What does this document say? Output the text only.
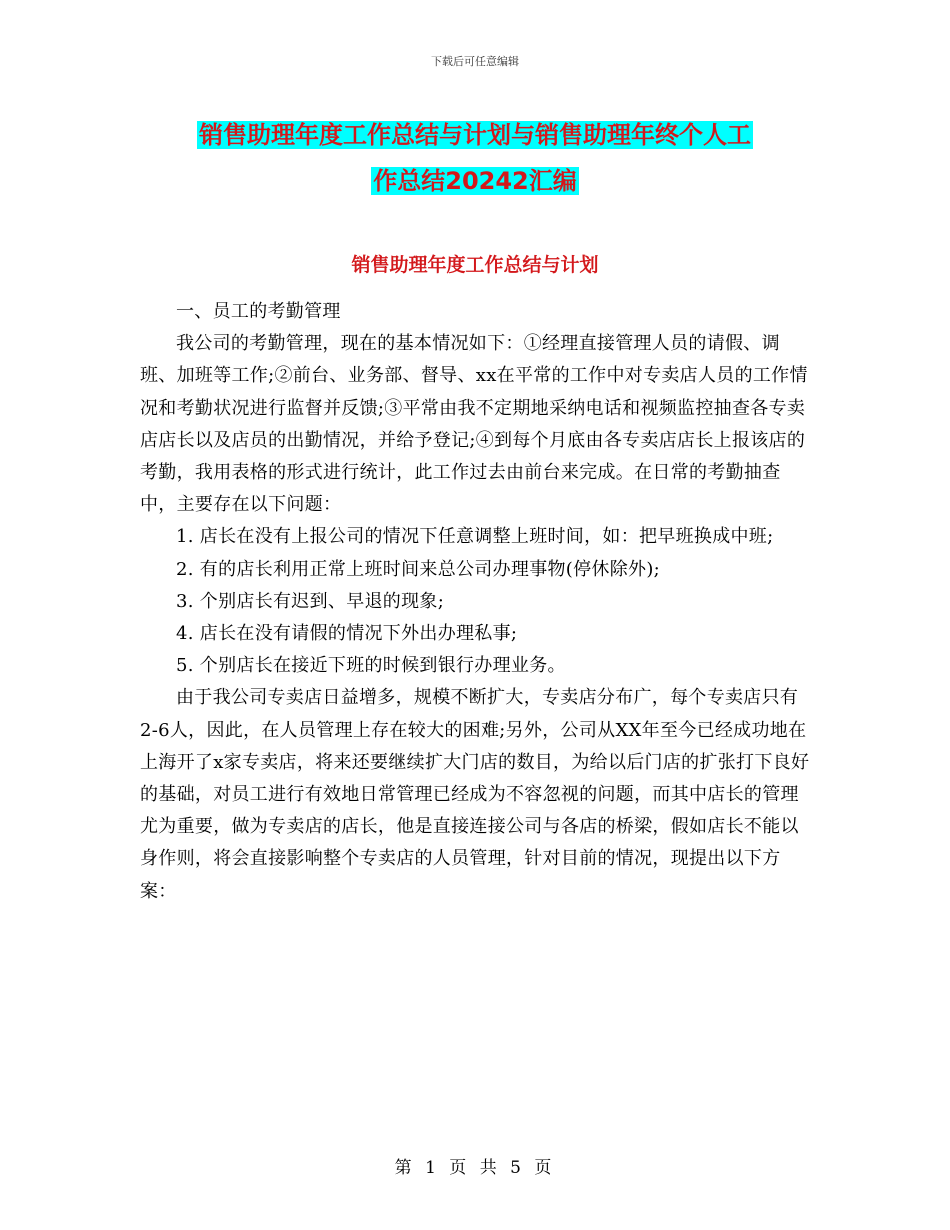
下载后可任意编辑
销售助理年度工作总结与计划与销售助理年终个人工
作总结20242汇编
销售助理年度工作总结与计划

一、员工的考勤管理

我公司的考勤管理，现在的基本情况如下：①经理直接管理人员的请假、调班、加班等工作;②前台、业务部、督导、xx在平常的工作中对专卖店人员的工作情况和考勤状况进行监督并反馈;③平常由我不定期地采纳电话和视频监控抽查各专卖店店长以及店员的出勤情况，并给予登记;④到每个月底由各专卖店店长上报该店的考勤，我用表格的形式进行统计，此工作过去由前台来完成。在日常的考勤抽查中，主要存在以下问题：

1. 店长在没有上报公司的情况下任意调整上班时间，如：把早班换成中班;

2. 有的店长利用正常上班时间来总公司办理事物(停休除外);

3. 个别店长有迟到、早退的现象;

4. 店长在没有请假的情况下外出办理私事;

5. 个别店长在接近下班的时候到银行办理业务。

由于我公司专卖店日益增多，规模不断扩大，专卖店分布广，每个专卖店只有2-6人，因此，在人员管理上存在较大的困难;另外，公司从XX年至今已经成功地在上海开了x家专卖店，将来还要继续扩大门店的数目，为给以后门店的扩张打下良好的基础，对员工进行有效地日常管理已经成为不容忽视的问题，而其中店长的管理尤为重要，做为专卖店的店长，他是直接连接公司与各店的桥梁，假如店长不能以身作则，将会直接影响整个专卖店的人员管理，针对目前的情况，现提出以下方案：

第 1 页 共 5 页
